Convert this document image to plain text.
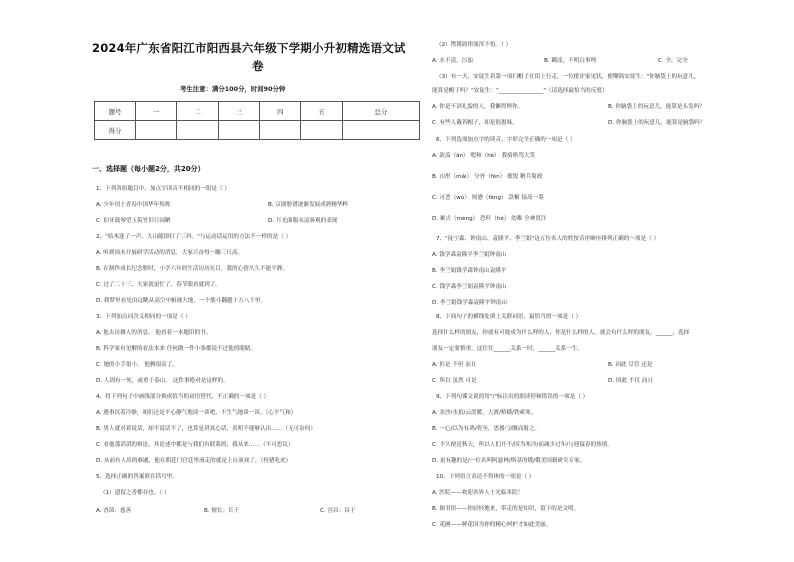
2024年广东省阳江市阳西县六年级下学期小升初精选语文试
卷
考生注意：满分100分，时间90分钟
题号	一	二	三	四	五	总分
得分						
一、选择题（每小题2分，共20分）
1、下列各组题目中，加点字读音不相同的一组是（ ）
A. 少年闰土青春中国华年烁烁	B. 京剧脸谱逐渐发展成熟精华粹
C. 伯牙鼓琴望玉筑竹旧日园陋	D. 月光曲服未凉客观的表现
2、"枯木逢了一声，大山随即打了三抖。"与运动话运用的方法不一样的是（ ）
A. 听到周末开展研学活动的消息，大家兴奋得一蹦三尺高。
B. 在制作成长纪念册时，小学六年的生活历历在目，我的心情久久不能平静。
C. 过了二十三，大家就更忙了，春节眼看就到了。
D. 我梦里看见由远眺从高空中俯视大地，一个筋斗翻越十万八千里。
3、下列加点词含义相同的一项是（ ）
A. 他去访做人的消息。 他看着一本题旧的书。
B. 科学家有见解的看法本来 任何做一件小事都说不过他的眼睛。
C. 她的小手很小。 他俩很高了。
D. 人固有一死，或重于泰山。 这件事绝对是这样的。
4、将下列句子中画线部分换成恰当的词语替代，不正确的一项是（ ）
A. 遇事沉着冷静，咱们还是平心静气地谈一谈吧，不生气地谈一谈。（心平气和）
B. 男人就对着说话，却不说话不了，也算是讲真心话，表明不能够认出……（无可奈何）
C. 看他那滔滔的辩论，其论述中都是与我们有联系的，我从来……（不可思议）
D. 从前有人出的难题，他在朝廷门宫廷里流走的就是上台演戏了。（扮猪吃虎）
5、选择正确的答案填在括号里。
（1）遗留之香都存也。（ ）
A. 香茵：慈善	B. 擅长：长于	C. 宫昌：昌于
（2）铿锵韵律深浑不怕。（ ）
A. 水不清，污浊	B. 糊涂，不明白事理	C. 全，完全
（3）有一天，安徒生着第一项扫帽子在街上行走，一位批评家见状，便嘲讽安徒生："你脑袋上的玩意儿，
能算是帽子吗？"安徒生："________________"（请选择最恰当的反驳）
A. 你是不讲礼貌的人，我懒得理你。	B. 你脑袋上的玩意儿，能算是头发吗？
C. 有些人戴着帽子，却是很愚昧。	D. 你脑袋上的玩意儿，能算是脑袋吗？
6、下列选项加点字的读音、字形完全正确的一项是（ ）
A. 歆羡（ān） 嗯和（hè） 我骑哄骂大笑
B. 山彤（mǎi） 分外（fèn） 敏锐 精兵简政
C. 可恶（wù） 烦懑（fèng） 款椒 接高一筹
D. 累吉（mèng） 恐吓（hè） 幼稚 全神贯注
7、"抚宁森、钟南山、袁隆平、李兰娟"这五位名人的姓按音序顺序排列正确的一项是（ ）
A. 钱学森袁隆平李兰娟钟南山
B. 李兰娟钱学森钟南山袁隆平
C. 钱学森李兰娟袁隆平钟南山
D. 李兰娟钱学森袁隆平钟南山
8、下面句子的横线处填上关联词语，最恰当的一项是（ ）
选择什么样的朋友，你就有可能成为什么样的人；你是什么样的人，就会有什么样的朋友。______，选择
朋友一定要慎重，这往往______关系一时，______关系一生。
A. 但是 不但 而且	B. 因此 尽管 还是
C. 所以 虽然 可是	D. 因此 不仅 而且
9、下列句课文说的用"/"标注出的朗读停顿错误的一项是（ ）
A. 金沙/水拍/云崖暖，大渡/桥横/铁索寒。
B. 一心/以为有鸿/将至，思援弓/缴而射之。
C. 不久便是秋天，所以人们开不/因为寒冷/而减少过年/与迎接春的热情。
D. 更有趣的是/一位名叫阿瑟林/斯基的俄/俄美国籍研究专家。
10、下列语言表达不得体的一项是（ ）
A. 医院——欢迎各界人士光临本院！
B. 图书馆——你轻轻地来，带走的是知识，留下的是文明。
C. 花圃——鲜花因为你的精心呵护才如此美丽。
